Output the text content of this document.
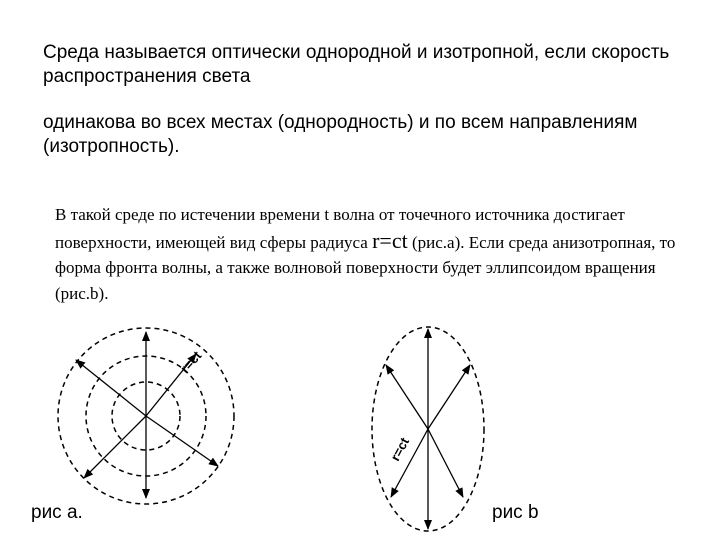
Среда называется оптически однородной и изотропной, если скорость распространения света

одинакова во всех местах (однородность) и по всем направлениям (изотропность).

В такой среде по истечении времени t волна от точечного источника достигает поверхности, имеющей вид сферы радиуса r=ct (рис.а). Если среда анизотропная, то форма фронта волны, а также волновой поверхности будет эллипсоидом вращения (рис.b).
r=ct
r=ct
рис а.	рис b
